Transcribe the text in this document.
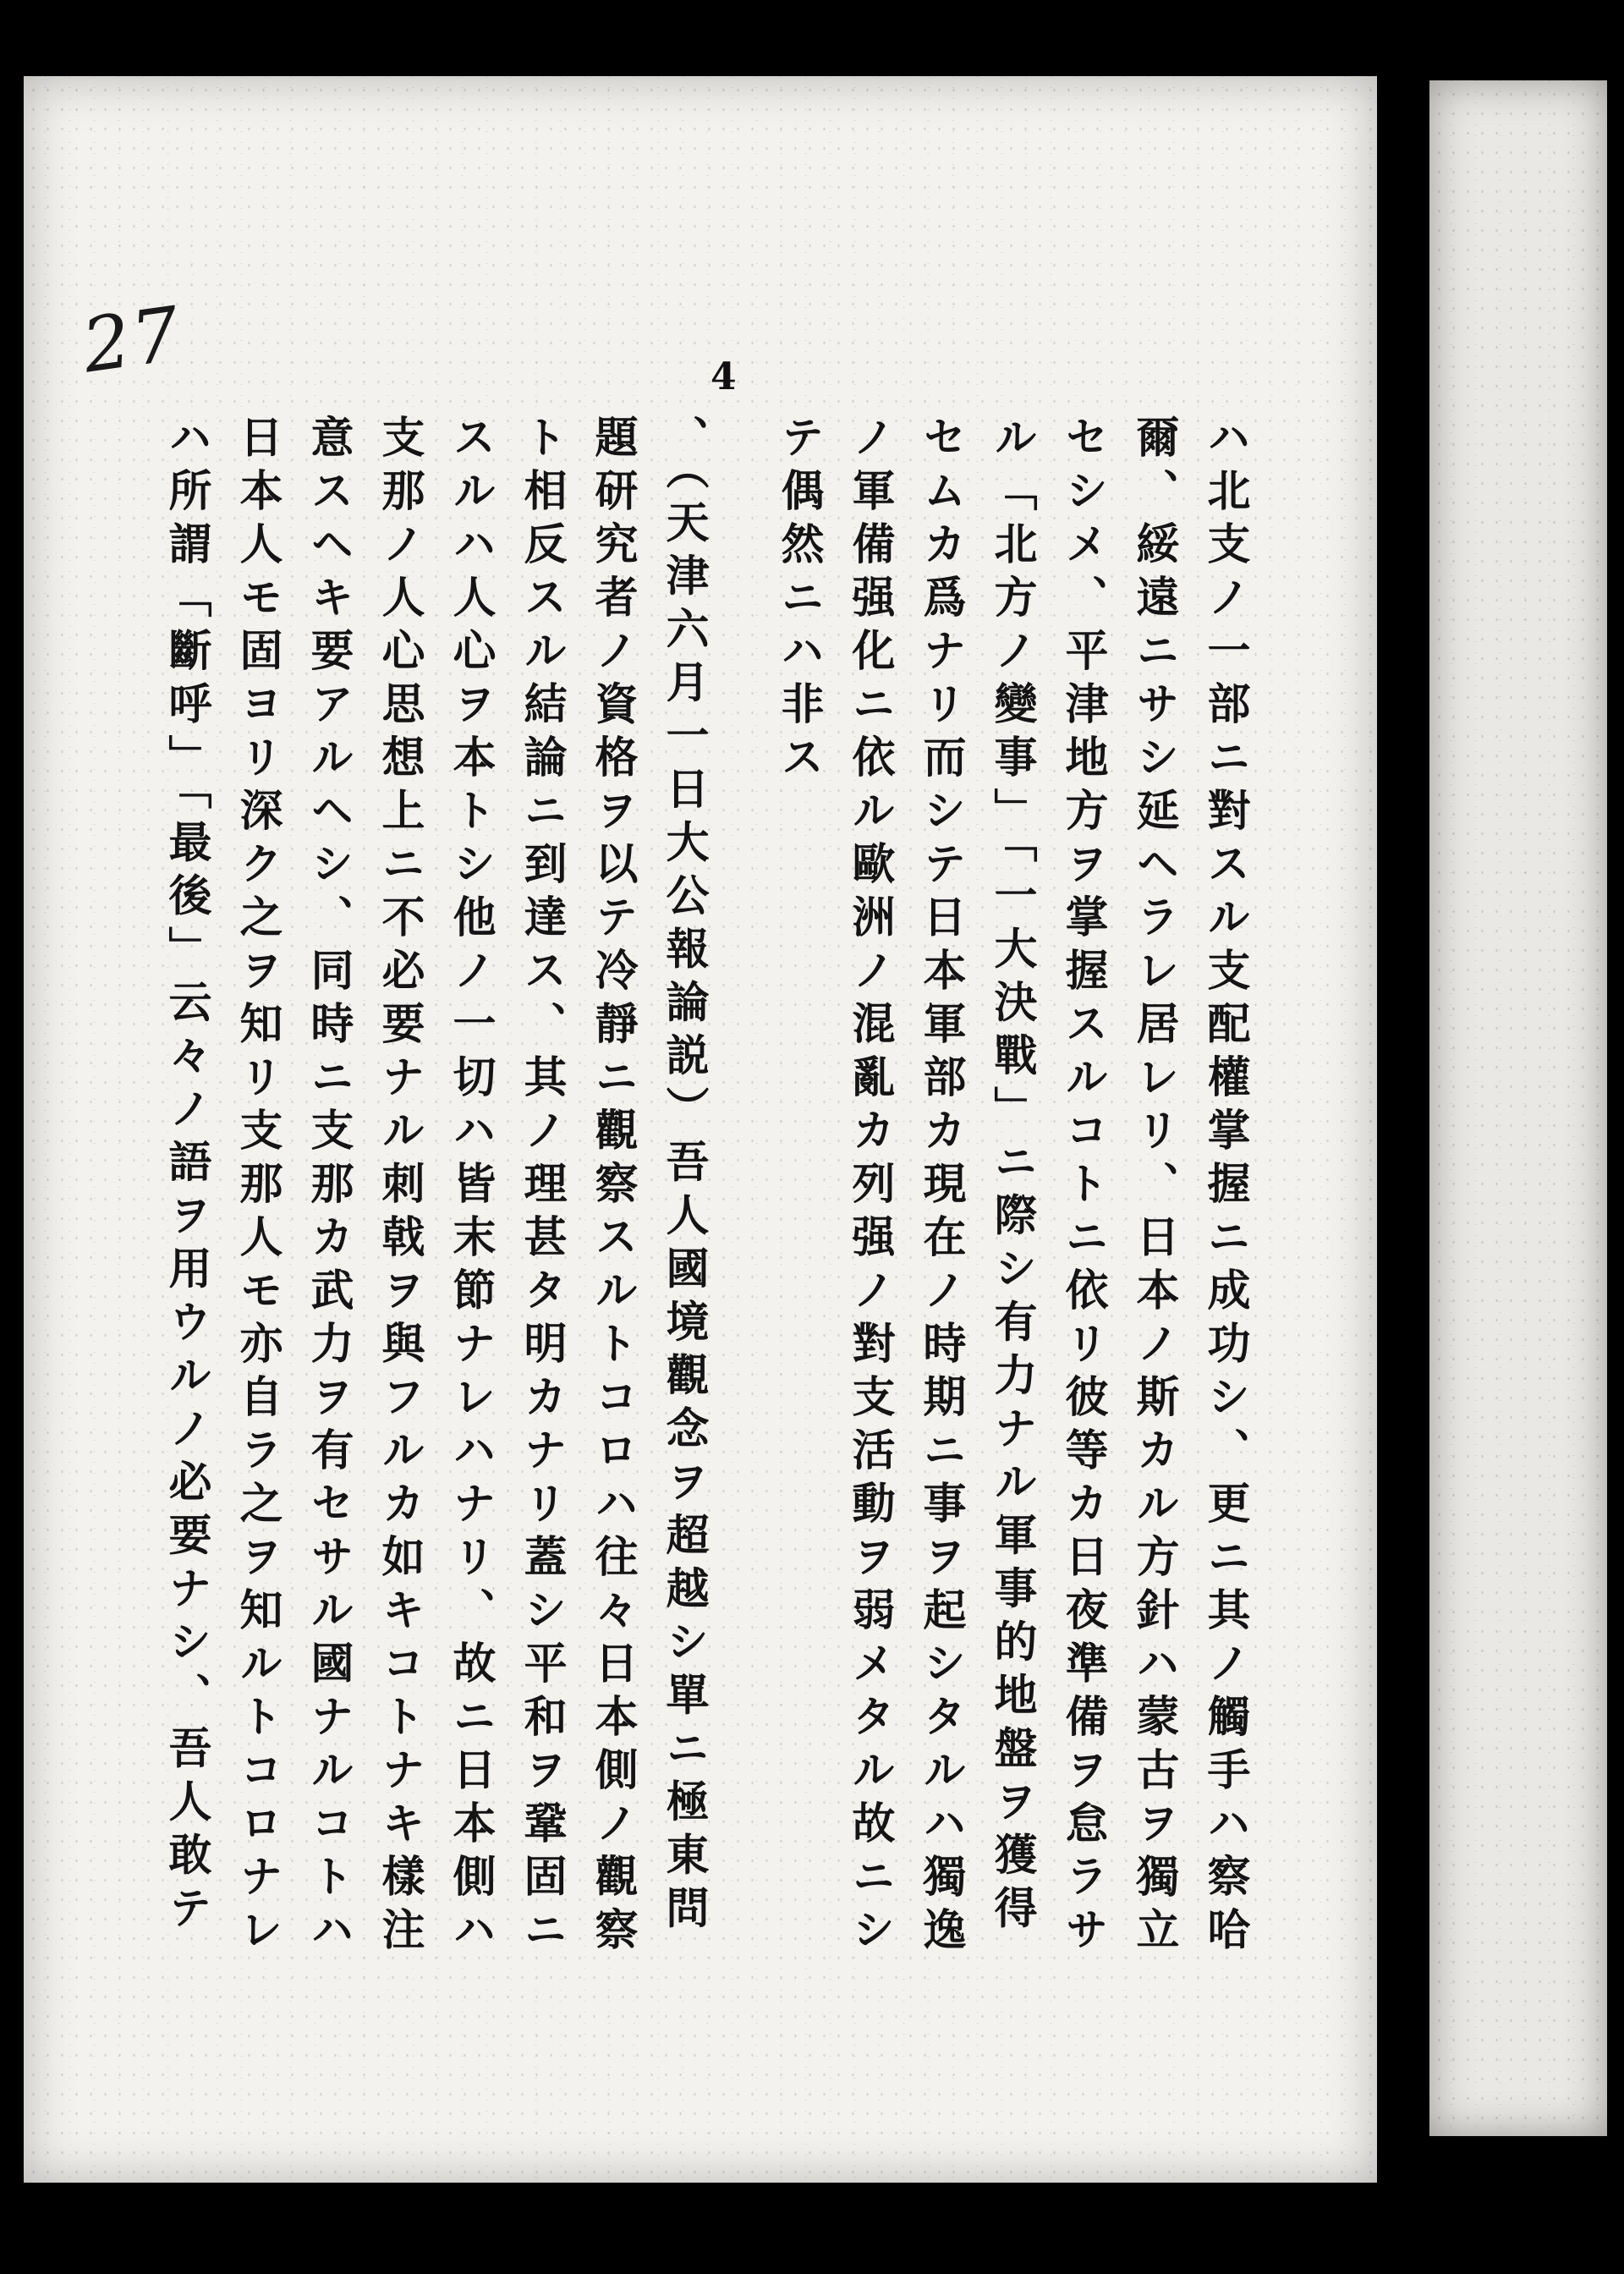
27	4

ハ北支ノ一部ニ對スル支配權掌握ニ成功シ、更ニ其ノ觸手ハ察哈

爾、綏遠ニサシ延ヘラレ居レリ、日本ノ斯カル方針ハ蒙古ヲ獨立

セシメ、平津地方ヲ掌握スルコトニ依リ彼等カ日夜準備ヲ怠ラサ

ル「北方ノ變事」「一大決戰」ニ際シ有力ナル軍事的地盤ヲ獲得

セムカ爲ナリ而シテ日本軍部カ現在ノ時期ニ事ヲ起シタルハ獨逸

ノ軍備强化ニ依ル歐洲ノ混亂カ列强ノ對支活動ヲ弱メタル故ニシ

テ偶然ニハ非ス

、（天津六月一日大公報論説）吾人國境觀念ヲ超越シ單ニ極東問

題研究者ノ資格ヲ以テ冷靜ニ觀察スルトコロハ往々日本側ノ觀察

ト相反スル結論ニ到達ス、其ノ理甚タ明カナリ蓋シ平和ヲ鞏固ニ

スルハ人心ヲ本トシ他ノ一切ハ皆末節ナレハナリ、故ニ日本側ハ

支那ノ人心思想上ニ不必要ナル刺戟ヲ與フルカ如キコトナキ樣注

意スヘキ要アルヘシ、同時ニ支那カ武力ヲ有セサル國ナルコトハ

日本人モ固ヨリ深ク之ヲ知リ支那人モ亦自ラ之ヲ知ルトコロナレ

ハ所謂「斷呼」「最後」云々ノ語ヲ用ウルノ必要ナシ、吾人敢テ
